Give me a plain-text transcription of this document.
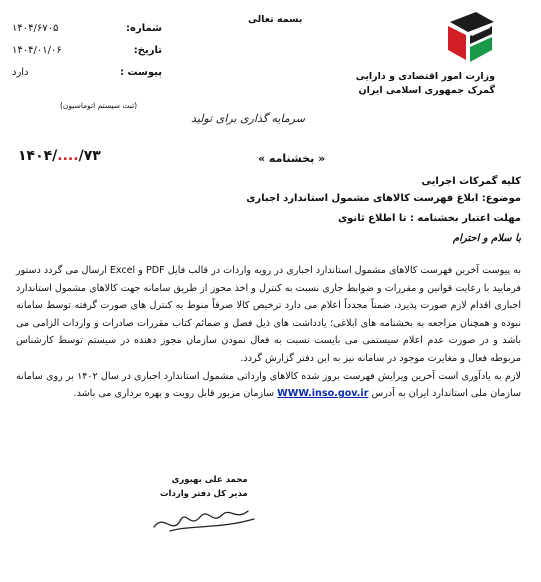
وزارت امور اقتصادی و دارایی
گمرک جمهوری اسلامی ایران
بسمه تعالی
شماره:
۱۴۰۴/۶۷۰۵
تاریخ:
۱۴۰۴/۰۱/۰۶
پیوست :
دارد
(ثبت سیستم اتوماسیون)
سرمایه گذاری برای تولید
۱۴۰۴/..../۷۳	« بخشنامه »
کلیه گمرکات اجرایی
موضوع: ابلاغ فهرست کالاهای مشمول استاندارد اجباری
مهلت اعتبار بخشنامه : تا اطلاع ثانوی
با سلام و احترام

به پیوست آخرین فهرست کالاهای مشمول استاندارد اجباری در رویه واردات در قالب فایل PDF و Excel ارسال می گردد دستور فرمایید با رعایت قوانین و مقررات و ضوابط جاری نسبت به کنترل و اخذ مجوز از طریق سامانه جهت کالاهای مشمول استاندارد اجباری اقدام لازم صورت پذیرد، ضمناً مجدداً اعلام می دارد ترخیص کالا صرفاً منوط به کنترل های صورت گرفته توسط سامانه نبوده و همچنان مراجعه به بخشنامه های ابلاغی؛ یادداشت های ذیل فصل و ضمائم کتاب مقررات صادرات و واردات الزامی می باشد و در صورت عدم اعلام سیستمی می بایست نسبت به فعال نمودن سازمان مجوز دهنده در سیستم توسط کارشناس مربوطه فعال و مغایرت موجود در سامانه نیز به این دفتر گزارش گردد.

لازم به یادآوری است آخرین ویرایش فهرست بروز شده کالاهای وارداتی مشمول استاندارد اجباری در سال ۱۴۰۲ بر روی سامانه سازمان ملی استاندارد ایران به آدرس WWW.inso.gov.ir سازمان مزبور قابل رویت و بهره برداری می باشد.

محمد علی بهبوری
مدیر کل دفتر واردات
